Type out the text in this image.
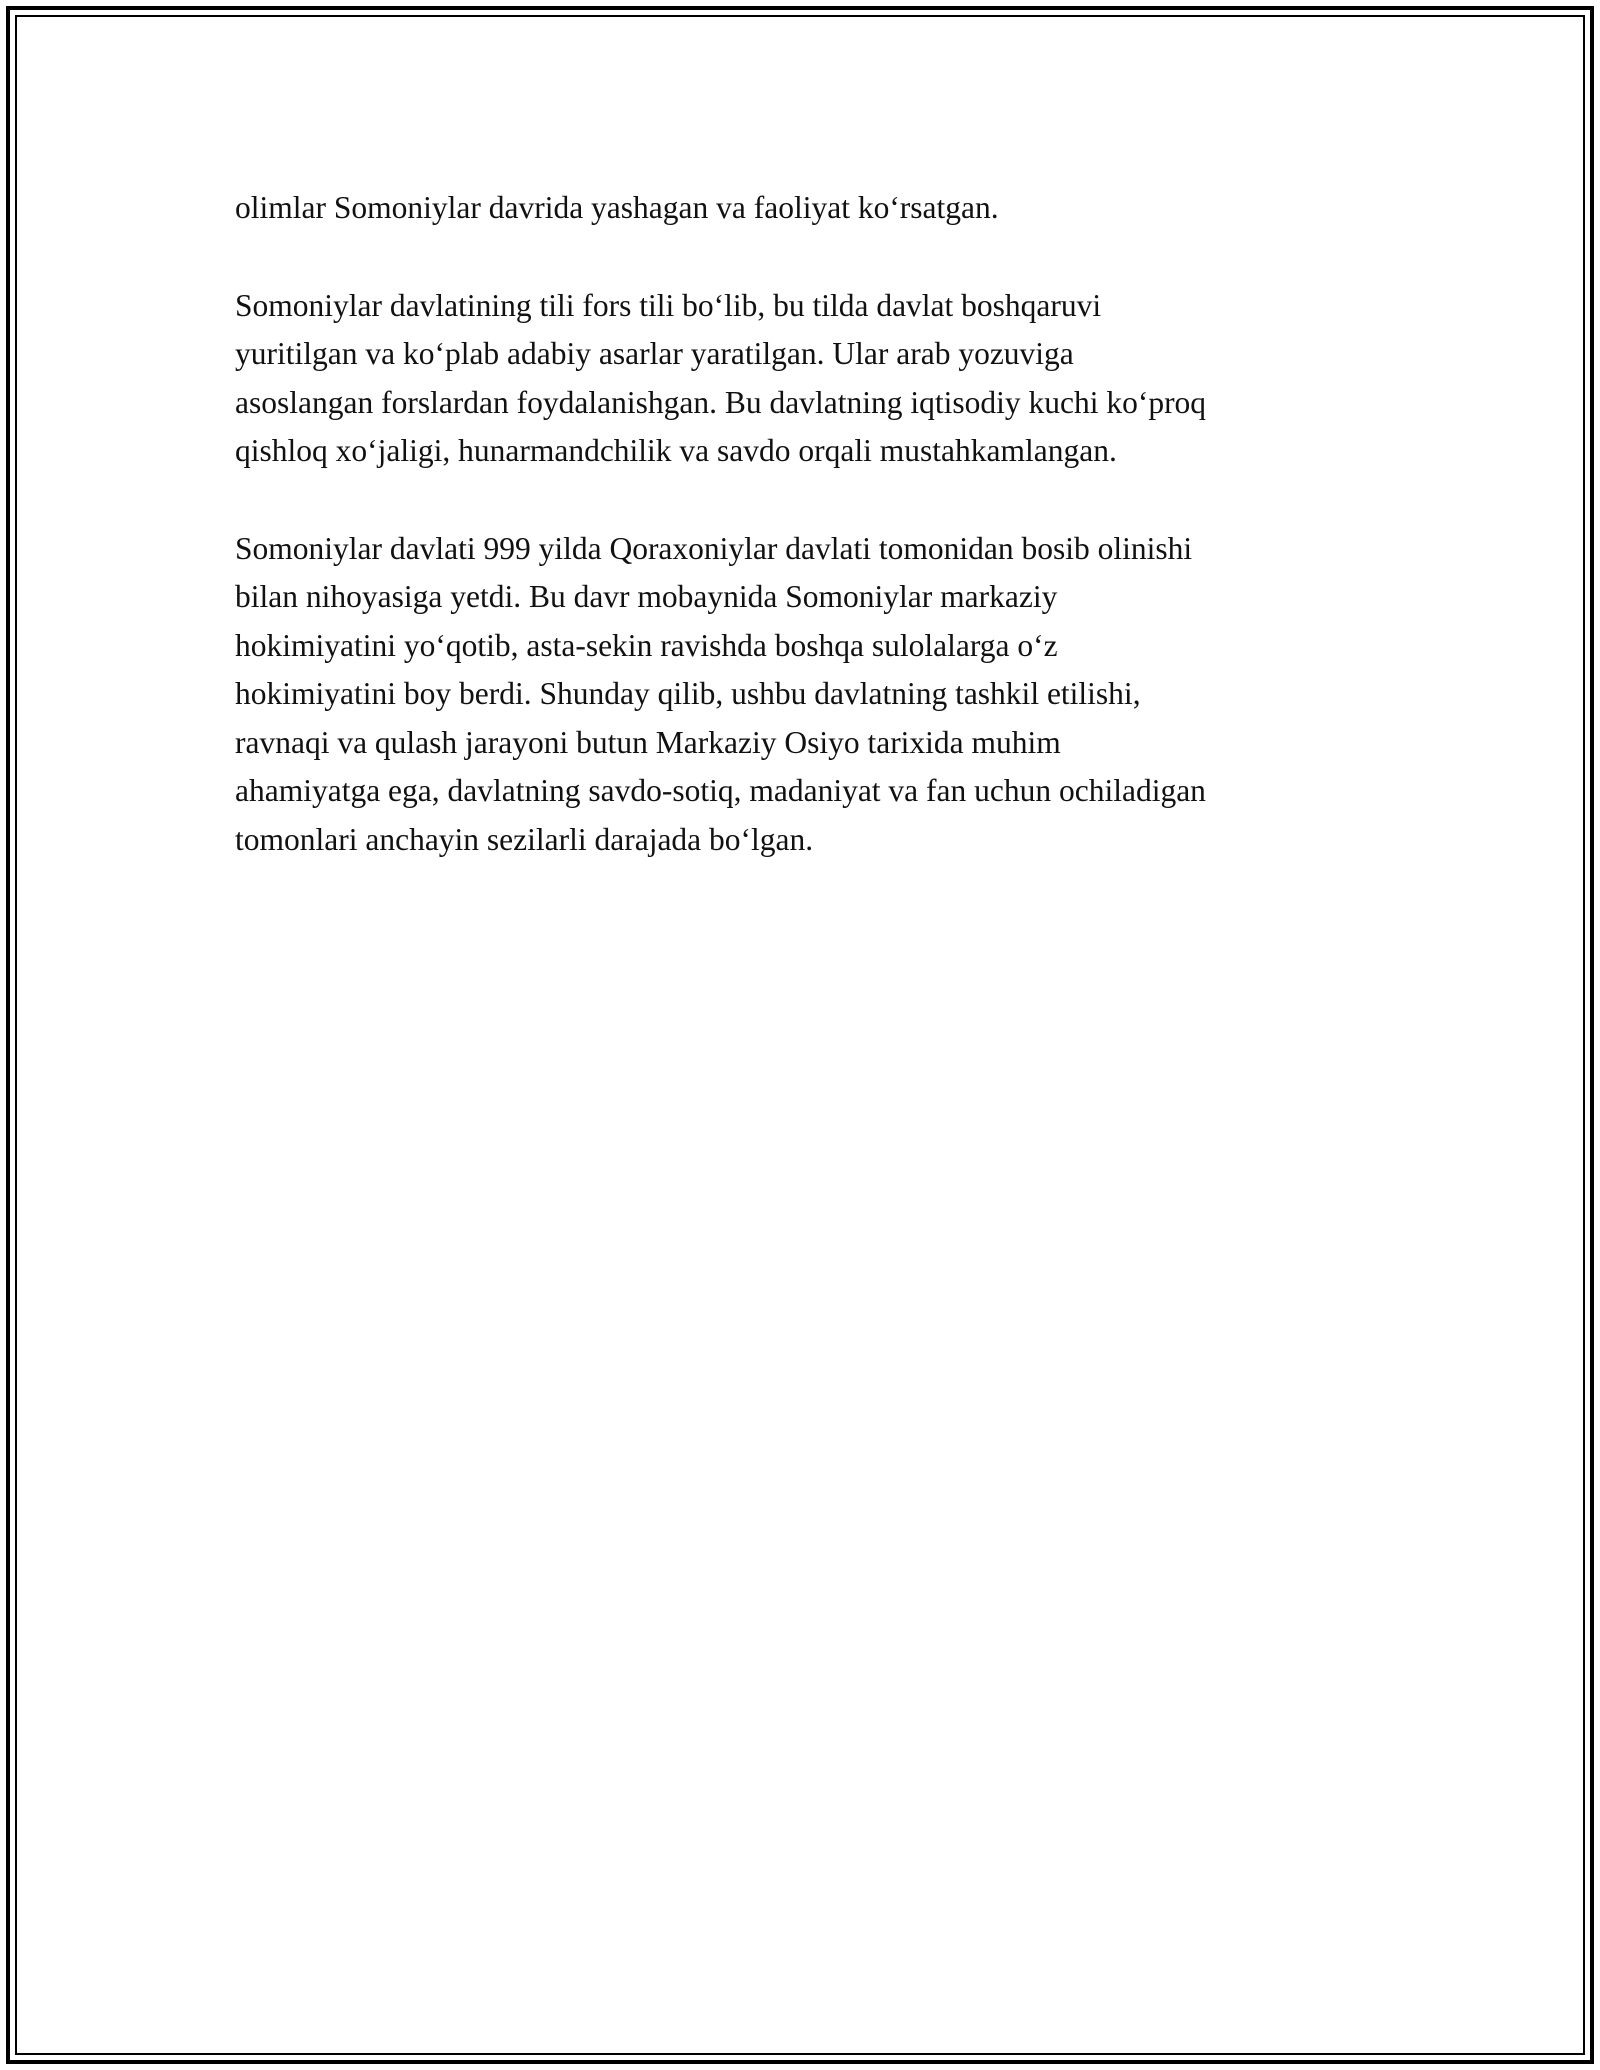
olimlar Somoniylar davrida yashagan va faoliyat ko‘rsatgan.

Somoniylar davlatining tili fors tili bo‘lib, bu tilda davlat boshqaruvi
yuritilgan va ko‘plab adabiy asarlar yaratilgan. Ular arab yozuviga
asoslangan forslardan foydalanishgan. Bu davlatning iqtisodiy kuchi ko‘proq
qishloq xo‘jaligi, hunarmandchilik va savdo orqali mustahkamlangan.

Somoniylar davlati 999 yilda Qoraxoniylar davlati tomonidan bosib olinishi
bilan nihoyasiga yetdi. Bu davr mobaynida Somoniylar markaziy
hokimiyatini yo‘qotib, asta-sekin ravishda boshqa sulolalarga o‘z
hokimiyatini boy berdi. Shunday qilib, ushbu davlatning tashkil etilishi,
ravnaqi va qulash jarayoni butun Markaziy Osiyo tarixida muhim
ahamiyatga ega, davlatning savdo-sotiq, madaniyat va fan uchun ochiladigan
tomonlari anchayin sezilarli darajada bo‘lgan.
